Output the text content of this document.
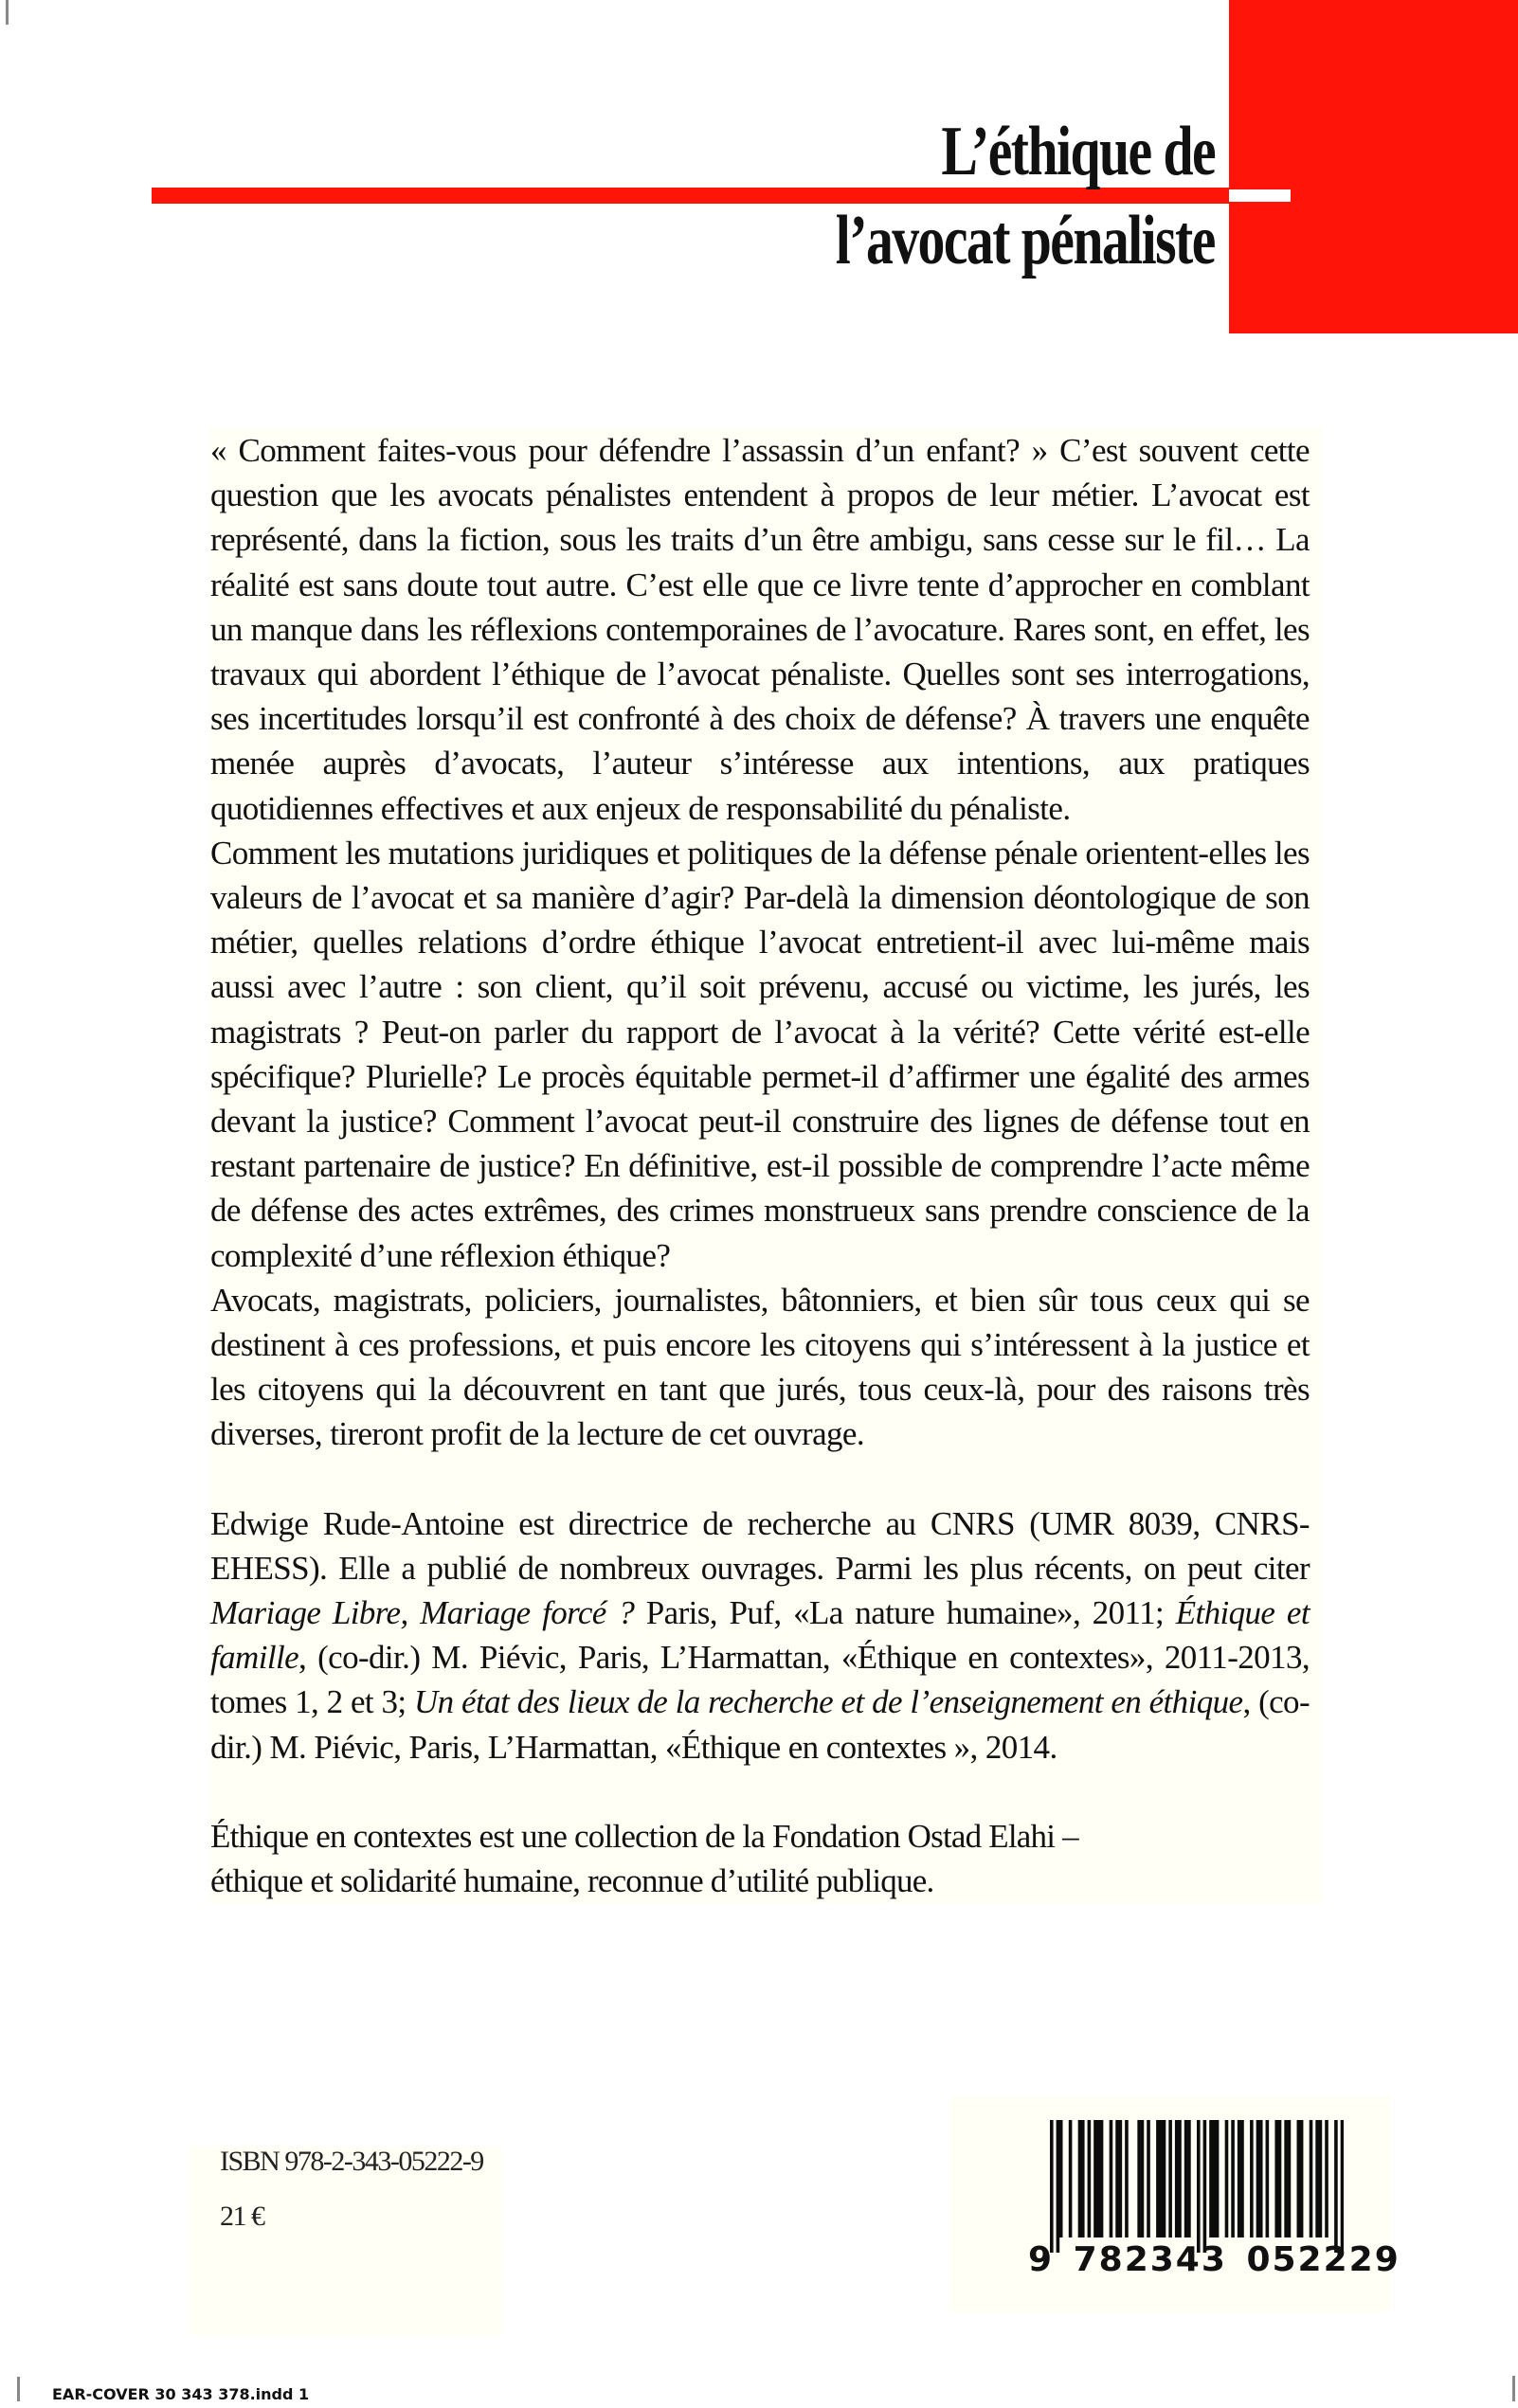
L’éthique de
l’avocat pénaliste

« Comment faites-vous pour défendre l’assassin d’un enfant? » C’est souvent cette question que les avocats pénalistes entendent à propos de leur métier. L’avocat est représenté, dans la fiction, sous les traits d’un être ambigu, sans cesse sur le fil… La réalité est sans doute tout autre. C’est elle que ce livre tente d’approcher en comblant un manque dans les réflexions contemporaines de l’avocature. Rares sont, en effet, les travaux qui abordent l’éthique de l’avocat pénaliste. Quelles sont ses interrogations, ses incertitudes lorsqu’il est confronté à des choix de défense? À travers une enquête menée auprès d’avocats, l’auteur s’intéresse aux intentions, aux pratiques quotidiennes effectives et aux enjeux de responsabilité du pénaliste.

Comment les mutations juridiques et politiques de la défense pénale orientent-elles les valeurs de l’avocat et sa manière d’agir? Par-delà la dimension déontologique de son métier, quelles relations d’ordre éthique l’avocat entretient-il avec lui-même mais aussi avec l’autre : son client, qu’il soit prévenu, accusé ou victime, les jurés, les magistrats ? Peut-on parler du rapport de l’avocat à la vérité? Cette vérité est-elle spécifique? Plurielle? Le procès équitable permet-il d’affirmer une égalité des armes devant la justice? Comment l’avocat peut-il construire des lignes de défense tout en restant partenaire de justice? En définitive, est-il possible de comprendre l’acte même de défense des actes extrêmes, des crimes monstrueux sans prendre conscience de la complexité d’une réflexion éthique?

Avocats, magistrats, policiers, journalistes, bâtonniers, et bien sûr tous ceux qui se destinent à ces professions, et puis encore les citoyens qui s’intéressent à la justice et les citoyens qui la découvrent en tant que jurés, tous ceux-là, pour des raisons très diverses, tireront profit de la lecture de cet ouvrage.

Edwige Rude-Antoine est directrice de recherche au CNRS (UMR 8039, CNRS-EHESS). Elle a publié de nombreux ouvrages. Parmi les plus récents, on peut citer Mariage Libre, Mariage forcé ? Paris, Puf, «La nature humaine», 2011; Éthique et famille, (co-dir.) M. Piévic, Paris, L’Harmattan, «Éthique en contextes», 2011-2013, tomes 1, 2 et 3; Un état des lieux de la recherche et de l’enseignement en éthique, (co-dir.) M. Piévic, Paris, L’Harmattan, «Éthique en contextes », 2014.
Éthique en contextes est une collection de la Fondation Ostad Elahi –
éthique et solidarité humaine, reconnue d’utilité publique.
ISBN 978-2-343-05222-9
21 €
9 782343 052229
EAR-COVER 30 343 378.indd 1
